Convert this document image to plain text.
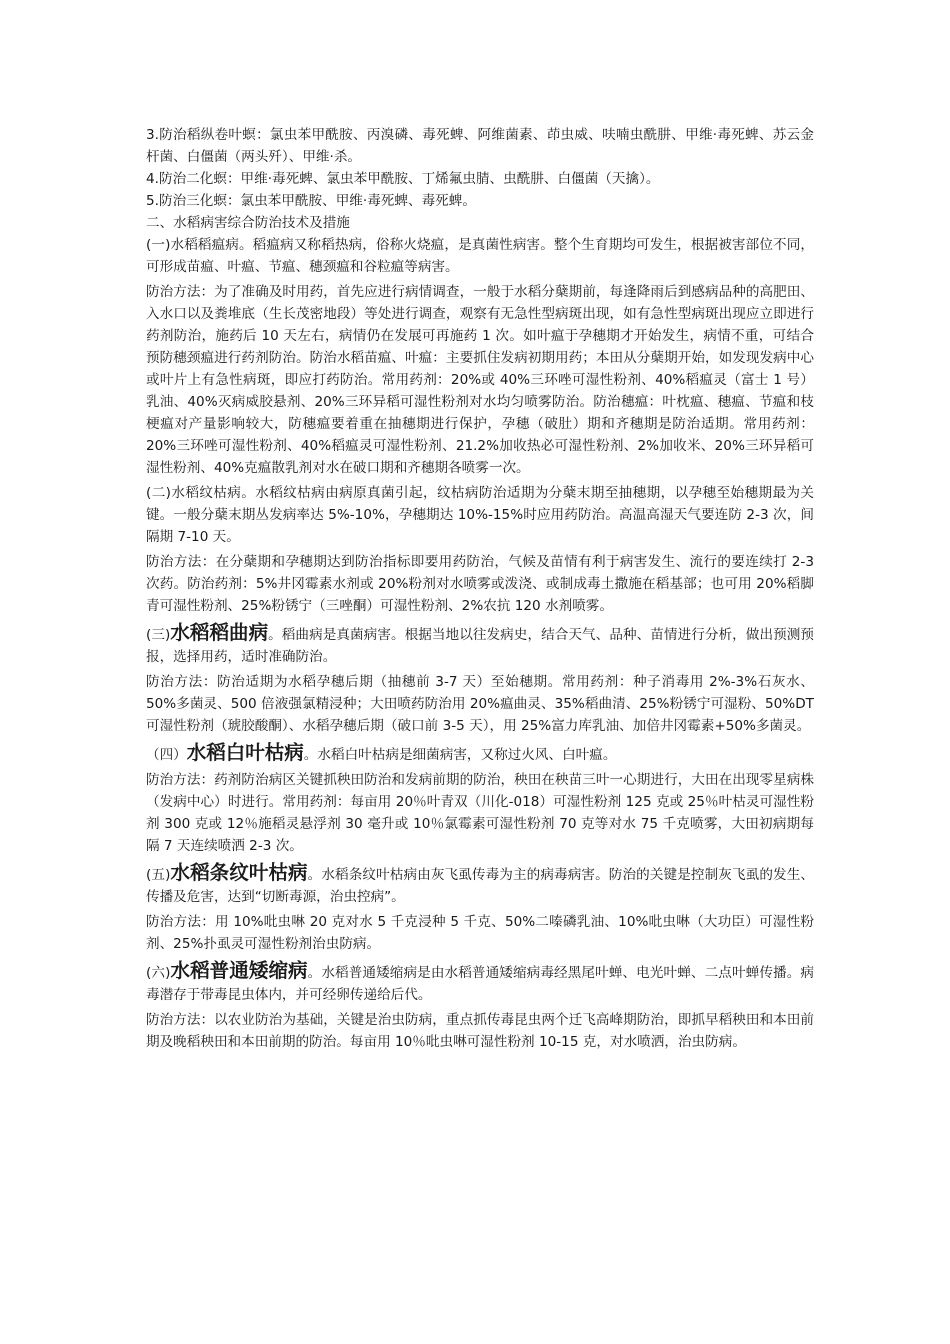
3.防治稻纵卷叶螟：氯虫苯甲酰胺、丙溴磷、毒死蜱、阿维菌素、茚虫威、呋喃虫酰肼、甲维·毒死蜱、苏云金杆菌、白僵菌（两头歼）、甲维·杀。

4.防治二化螟：甲维·毒死蜱、氯虫苯甲酰胺、丁烯氟虫腈、虫酰肼、白僵菌（天擒）。

5.防治三化螟：氯虫苯甲酰胺、甲维·毒死蜱、毒死蜱。

二、水稻病害综合防治技术及措施

(一)水稻稻瘟病。稻瘟病又称稻热病，俗称火烧瘟，是真菌性病害。整个生育期均可发生，根据被害部位不同，可形成苗瘟、叶瘟、节瘟、穗颈瘟和谷粒瘟等病害。

防治方法：为了准确及时用药，首先应进行病情调查，一般于水稻分蘖期前，每逢降雨后到感病品种的高肥田、入水口以及粪堆底（生长茂密地段）等处进行调查，观察有无急性型病斑出现，如有急性型病斑出现应立即进行药剂防治，施药后 10 天左右，病情仍在发展可再施药 1 次。如叶瘟于孕穗期才开始发生，病情不重，可结合预防穗颈瘟进行药剂防治。防治水稻苗瘟、叶瘟：主要抓住发病初期用药；本田从分蘖期开始，如发现发病中心或叶片上有急性病斑，即应打药防治。常用药剂：20%或 40%三环唑可湿性粉剂、40%稻瘟灵（富士 1 号）乳油、40%灭病威胶悬剂、20%三环异稻可湿性粉剂对水均匀喷雾防治。防治穗瘟：叶枕瘟、穗瘟、节瘟和枝梗瘟对产量影响较大，防穗瘟要着重在抽穗期进行保护，孕穗（破肚）期和齐穗期是防治适期。常用药剂：20%三环唑可湿性粉剂、40%稻瘟灵可湿性粉剂、21.2%加收热必可湿性粉剂、2%加收米、20%三环异稻可湿性粉剂、40%克瘟散乳剂对水在破口期和齐穗期各喷雾一次。

(二)水稻纹枯病。水稻纹枯病由病原真菌引起，纹枯病防治适期为分蘖末期至抽穗期，以孕穗至始穗期最为关键。一般分蘖末期丛发病率达 5%-10%，孕穗期达 10%-15%时应用药防治。高温高湿天气要连防 2-3 次，间隔期 7-10 天。

防治方法：在分蘖期和孕穗期达到防治指标即要用药防治，气候及苗情有利于病害发生、流行的要连续打 2-3 次药。防治药剂：5%井冈霉素水剂或 20%粉剂对水喷雾或泼浇、或制成毒土撒施在稻基部；也可用 20%稻脚青可湿性粉剂、25%粉锈宁（三唑酮）可湿性粉剂、2%农抗 120 水剂喷雾。

(三)水稻稻曲病。稻曲病是真菌病害。根据当地以往发病史，结合天气、品种、苗情进行分析，做出预测预报，选择用药，适时准确防治。

防治方法：防治适期为水稻孕穗后期（抽穗前 3-7 天）至始穗期。常用药剂：种子消毒用 2%-3%石灰水、50%多菌灵、500 倍液强氯精浸种；大田喷药防治用 20%瘟曲灵、35%稻曲清、25%粉锈宁可湿粉、50%DT 可湿性粉剂（琥胶酸酮）、水稻孕穗后期（破口前 3-5 天），用 25%富力库乳油、加倍井冈霉素+50%多菌灵。

（四）水稻白叶枯病。水稻白叶枯病是细菌病害，又称过火风、白叶瘟。

防治方法：药剂防治病区关键抓秧田防治和发病前期的防治，秧田在秧苗三叶一心期进行，大田在出现零星病株（发病中心）时进行。常用药剂：每亩用 20％叶青双（川化-018）可湿性粉剂 125 克或 25％叶枯灵可湿性粉剂 300 克或 12％施稻灵悬浮剂 30 毫升或 10％氯霉素可湿性粉剂 70 克等对水 75 千克喷雾，大田初病期每隔 7 天连续喷洒 2-3 次。

(五)水稻条纹叶枯病。水稻条纹叶枯病由灰飞虱传毒为主的病毒病害。防治的关键是控制灰飞虱的发生、传播及危害，达到“切断毒源，治虫控病”。

防治方法：用 10%吡虫啉 20 克对水 5 千克浸种 5 千克、50%二嗪磷乳油、10%吡虫啉（大功臣）可湿性粉剂、25%扑虱灵可湿性粉剂治虫防病。

(六)水稻普通矮缩病。水稻普通矮缩病是由水稻普通矮缩病毒经黑尾叶蝉、电光叶蝉、二点叶蝉传播。病毒潜存于带毒昆虫体内，并可经卵传递给后代。

防治方法：以农业防治为基础，关键是治虫防病，重点抓传毒昆虫两个迁飞高峰期防治，即抓早稻秧田和本田前期及晚稻秧田和本田前期的防治。每亩用 10％吡虫啉可湿性粉剂 10-15 克，对水喷洒，治虫防病。
